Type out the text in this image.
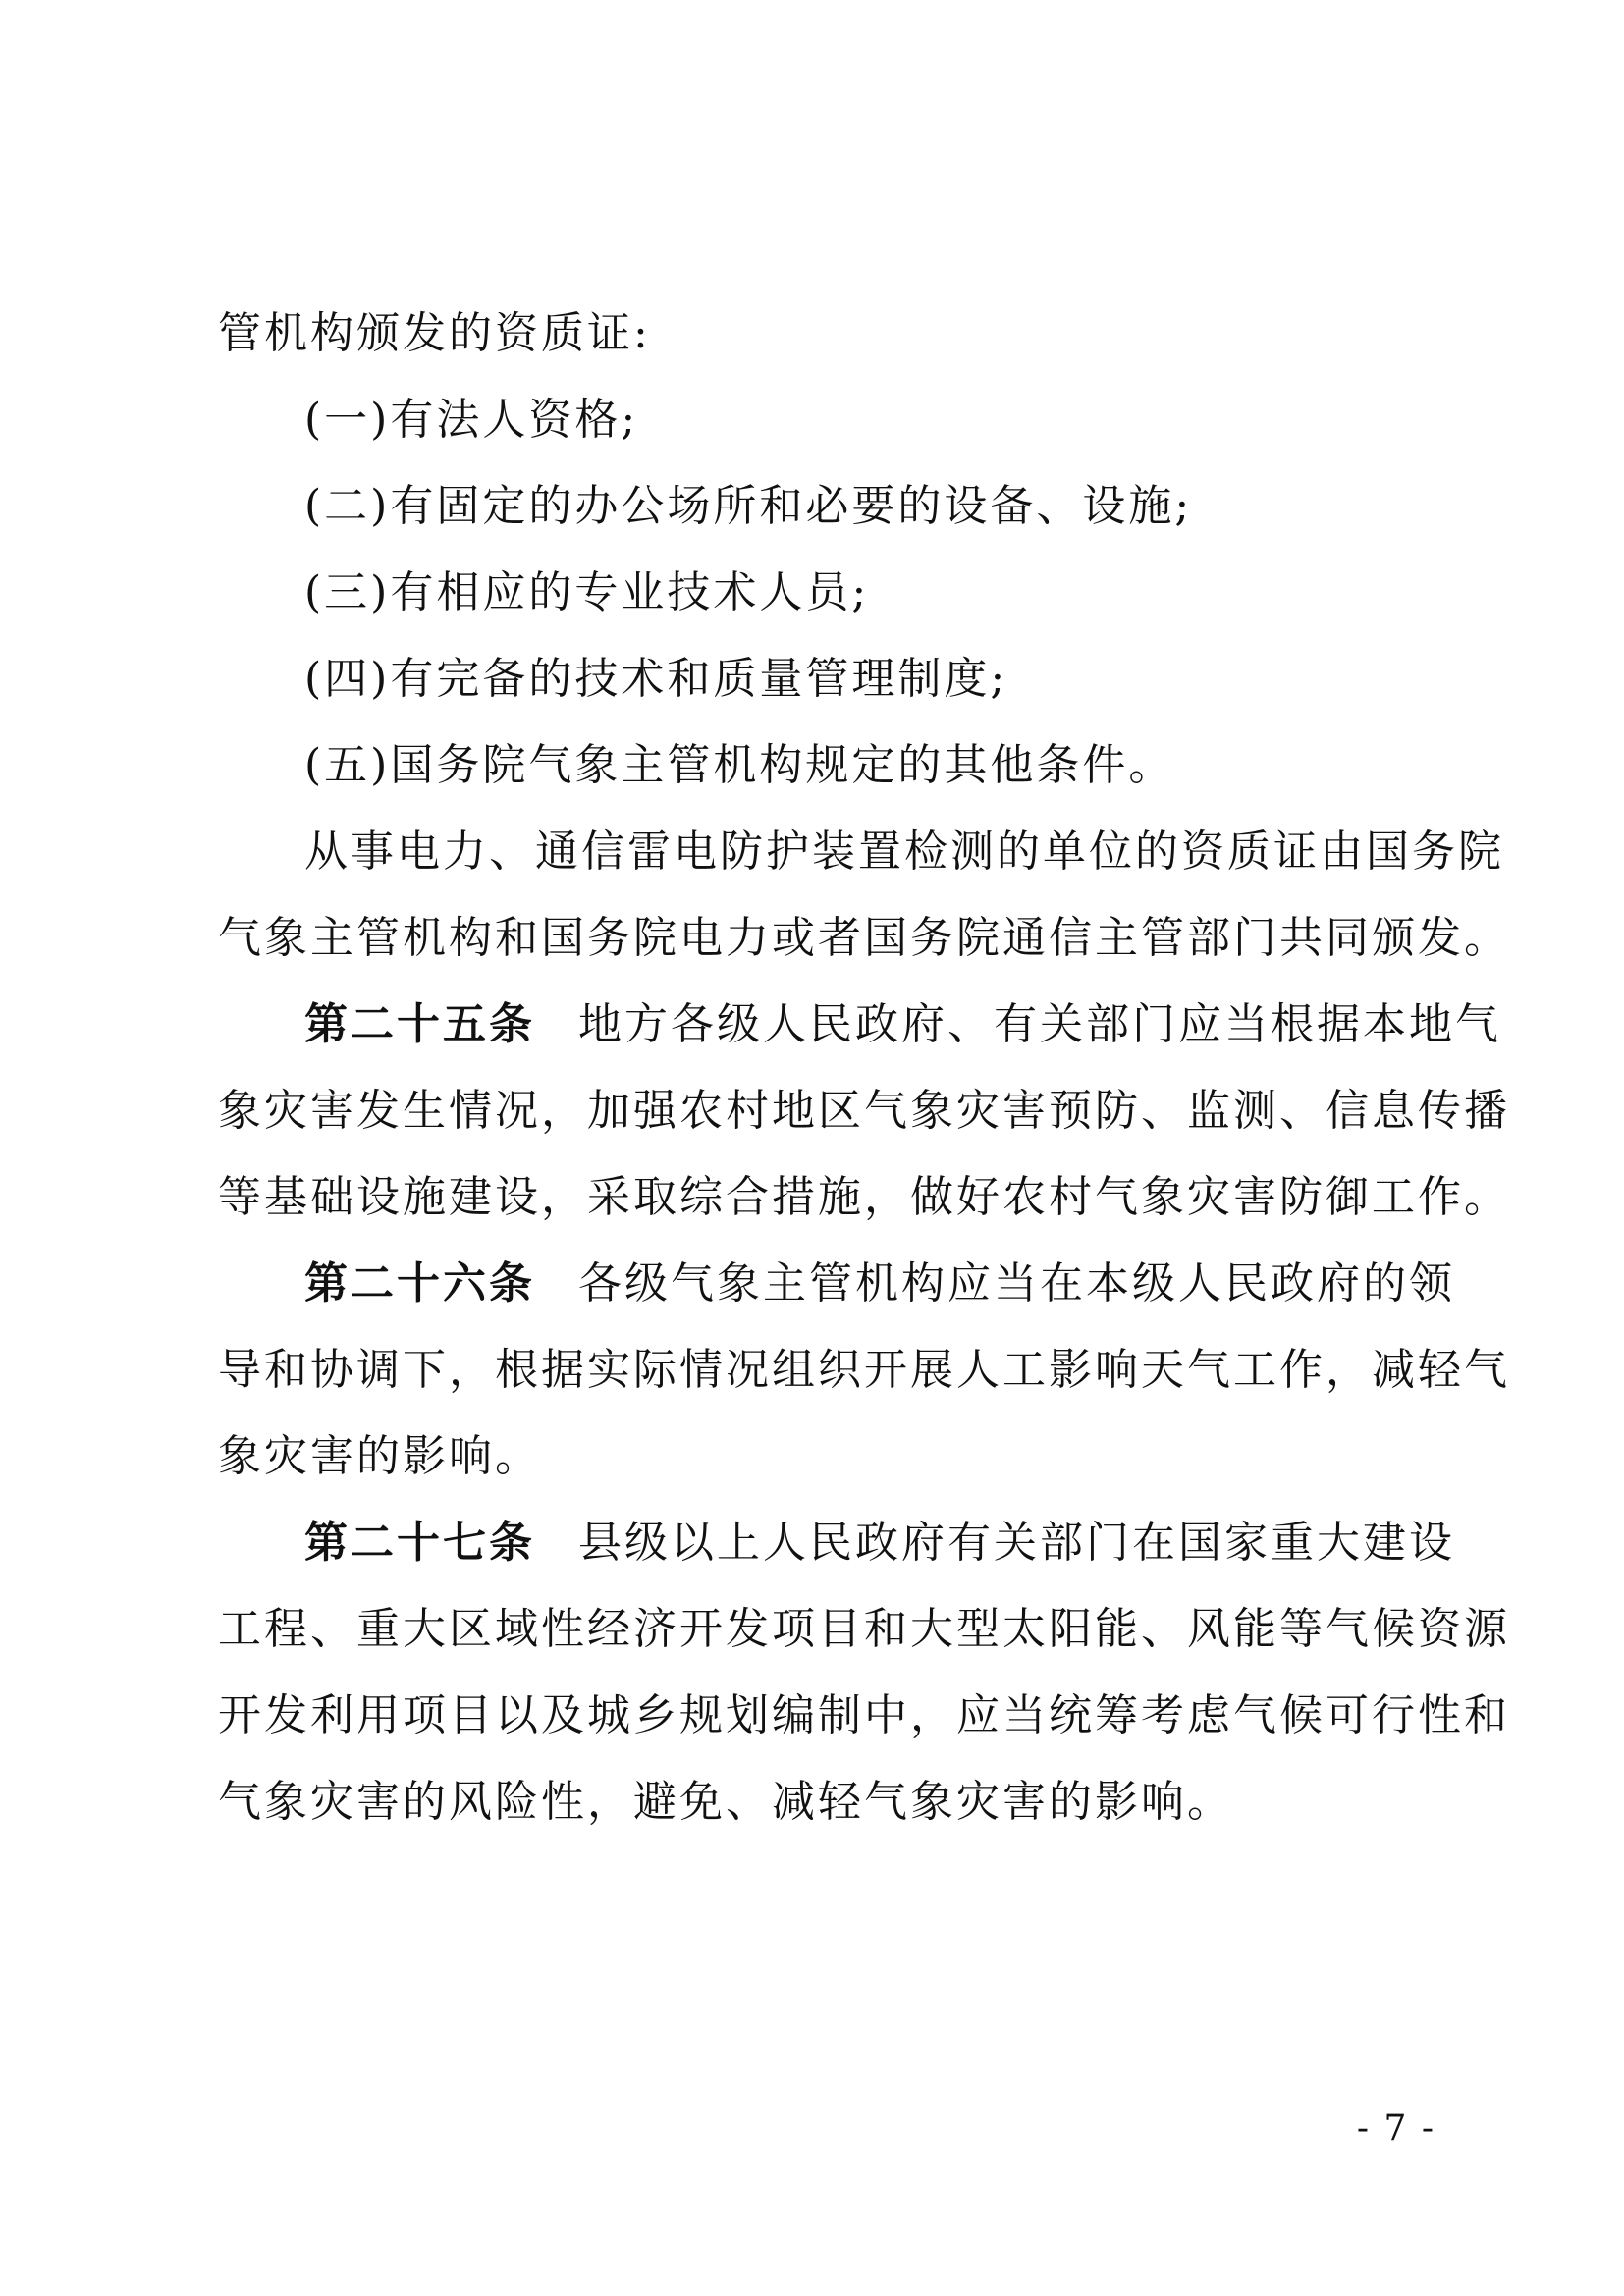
管机构颁发的资质证:
(一)有法人资格;
(二)有固定的办公场所和必要的设备、设施;
(三)有相应的专业技术人员;
(四)有完备的技术和质量管理制度;
(五)国务院气象主管机构规定的其他条件。
从事电力、通信雷电防护装置检测的单位的资质证由国务院
气象主管机构和国务院电力或者国务院通信主管部门共同颁发。
第二十五条 地方各级人民政府、有关部门应当根据本地气
象灾害发生情况，加强农村地区气象灾害预防、监测、信息传播
等基础设施建设，采取综合措施，做好农村气象灾害防御工作。
第二十六条 各级气象主管机构应当在本级人民政府的领
导和协调下，根据实际情况组织开展人工影响天气工作，减轻气
象灾害的影响。
第二十七条 县级以上人民政府有关部门在国家重大建设
工程、重大区域性经济开发项目和大型太阳能、风能等气候资源
开发利用项目以及城乡规划编制中，应当统筹考虑气候可行性和
气象灾害的风险性，避免、减轻气象灾害的影响。
- 7 -
